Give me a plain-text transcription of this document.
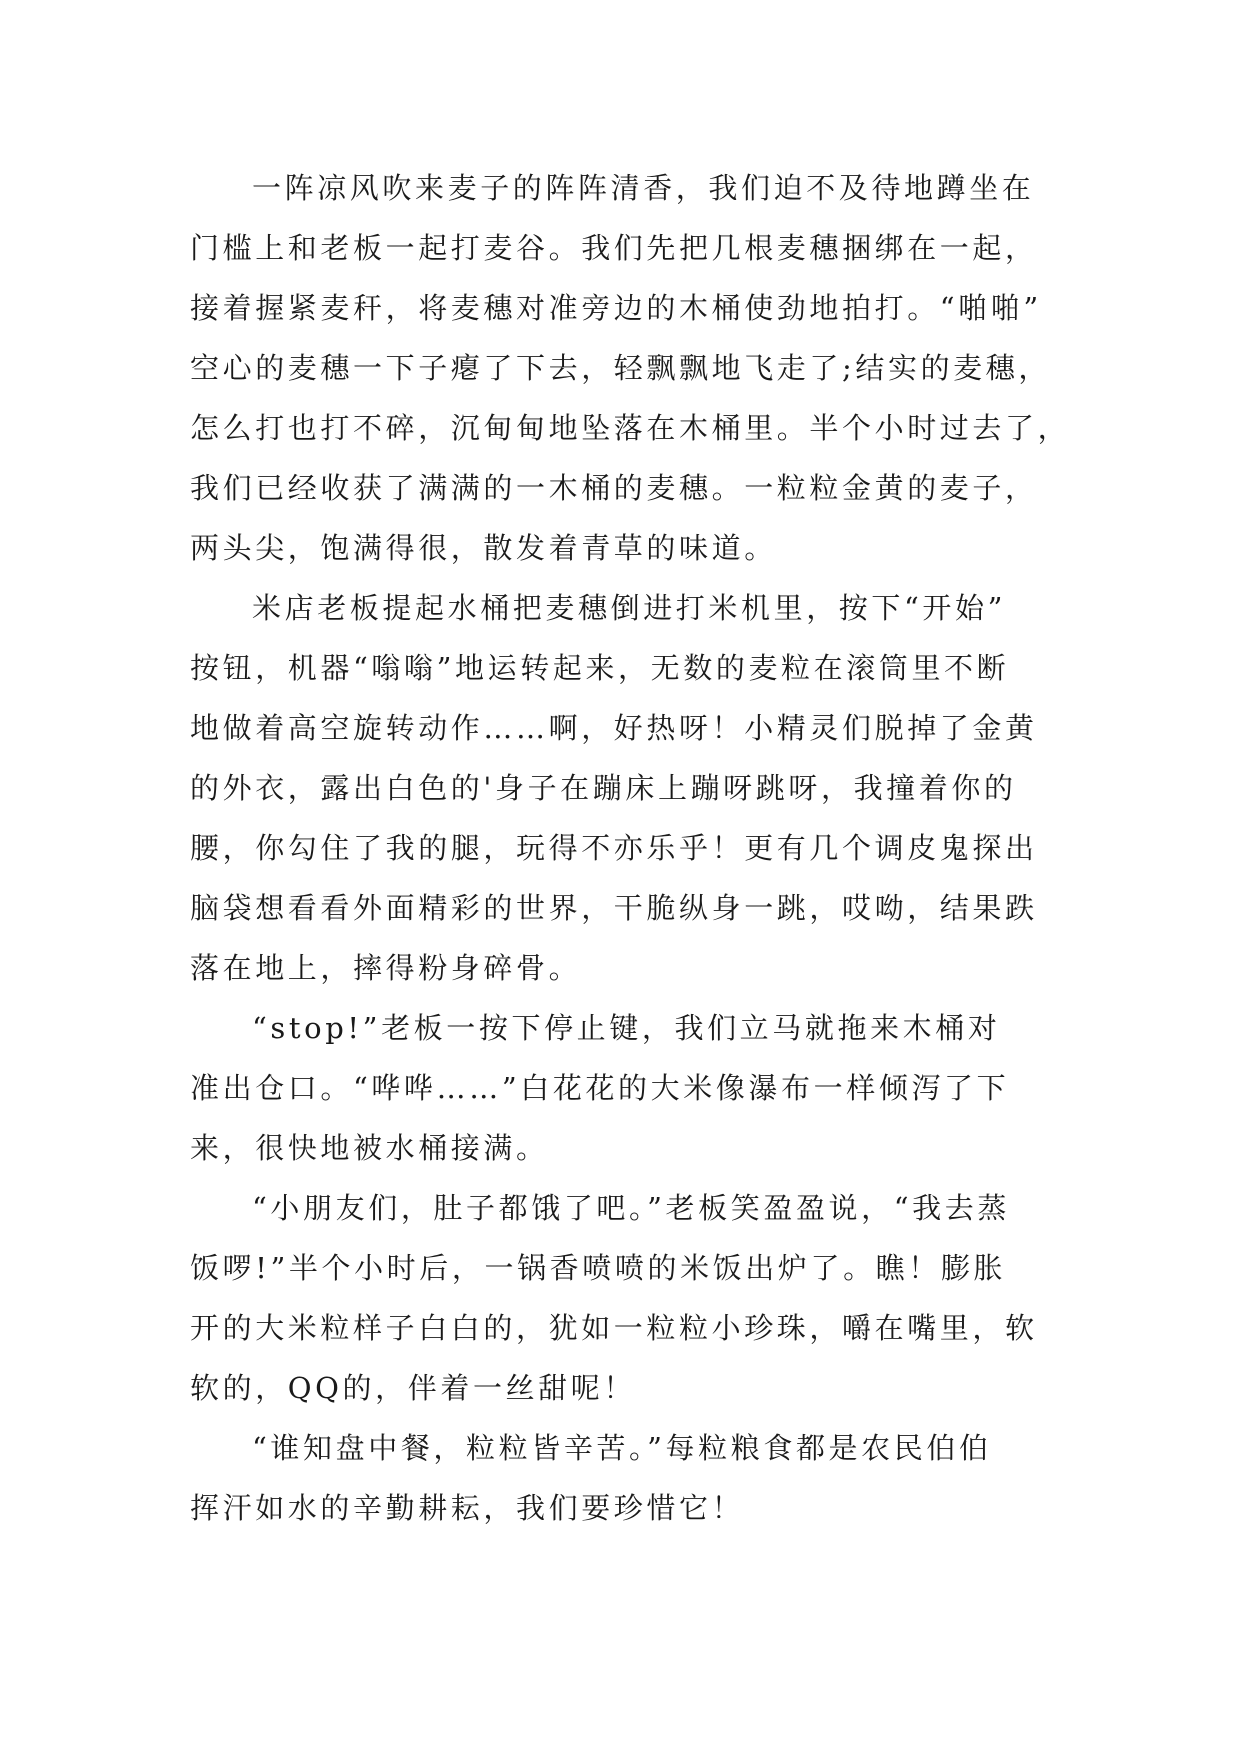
一阵凉风吹来麦子的阵阵清香，我们迫不及待地蹲坐在
门槛上和老板一起打麦谷。我们先把几根麦穗捆绑在一起，
接着握紧麦秆，将麦穗对准旁边的木桶使劲地拍打。“啪啪”
空心的麦穗一下子瘪了下去，轻飘飘地飞走了;结实的麦穗，
怎么打也打不碎，沉甸甸地坠落在木桶里。半个小时过去了，
我们已经收获了满满的一木桶的麦穗。一粒粒金黄的麦子，
两头尖，饱满得很，散发着青草的味道。

米店老板提起水桶把麦穗倒进打米机里，按下“开始”
按钮，机器“嗡嗡”地运转起来，无数的麦粒在滚筒里不断
地做着高空旋转动作……啊，好热呀！小精灵们脱掉了金黄
的外衣，露出白色的'身子在蹦床上蹦呀跳呀，我撞着你的
腰，你勾住了我的腿，玩得不亦乐乎！更有几个调皮鬼探出
脑袋想看看外面精彩的世界，干脆纵身一跳，哎呦，结果跌
落在地上，摔得粉身碎骨。

“stop!”老板一按下停止键，我们立马就拖来木桶对
准出仓口。“哗哗……”白花花的大米像瀑布一样倾泻了下
来，很快地被水桶接满。

“小朋友们，肚子都饿了吧。”老板笑盈盈说，“我去蒸
饭啰!”半个小时后，一锅香喷喷的米饭出炉了。瞧！膨胀
开的大米粒样子白白的，犹如一粒粒小珍珠，嚼在嘴里，软
软的，QQ的，伴着一丝甜呢！

“谁知盘中餐，粒粒皆辛苦。”每粒粮食都是农民伯伯
挥汗如水的辛勤耕耘，我们要珍惜它！
